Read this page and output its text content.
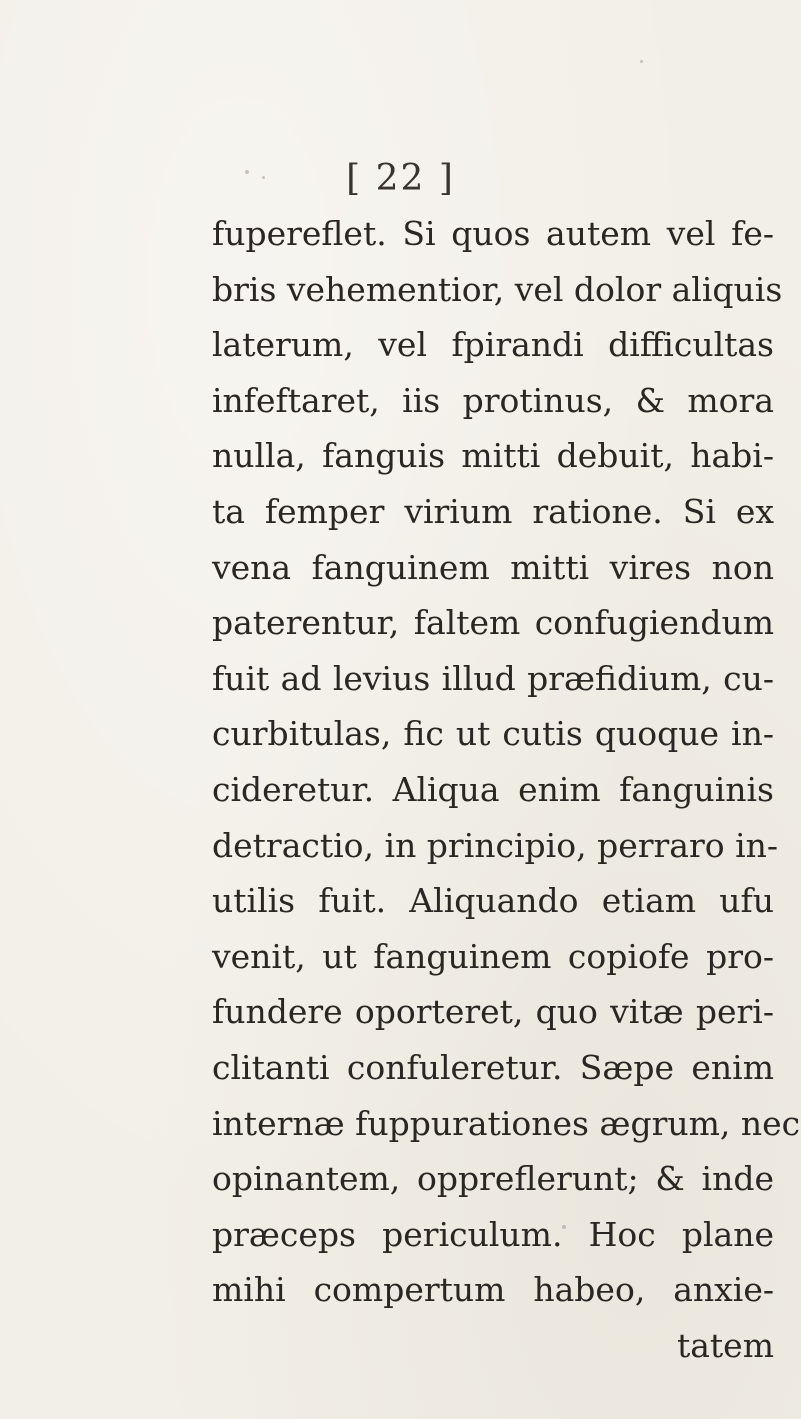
[ 22 ]
fupereflet. Si quos autem vel fe-
bris vehementior, vel dolor aliquis
laterum, vel fpirandi difficultas
infeftaret, iis protinus, & mora
nulla, fanguis mitti debuit, habi-
ta femper virium ratione. Si ex
vena fanguinem mitti vires non
paterentur, faltem confugiendum
fuit ad levius illud præfidium, cu-
curbitulas, fic ut cutis quoque in-
cideretur. Aliqua enim fanguinis
detractio, in principio, perraro in-
utilis fuit. Aliquando etiam ufu
venit, ut fanguinem copiofe pro-
fundere oporteret, quo vitæ peri-
clitanti confuleretur. Sæpe enim
internæ fuppurationes ægrum, nec
opinantem, oppreflerunt; & inde
præceps periculum. Hoc plane
mihi compertum habeo, anxie-
tatem
